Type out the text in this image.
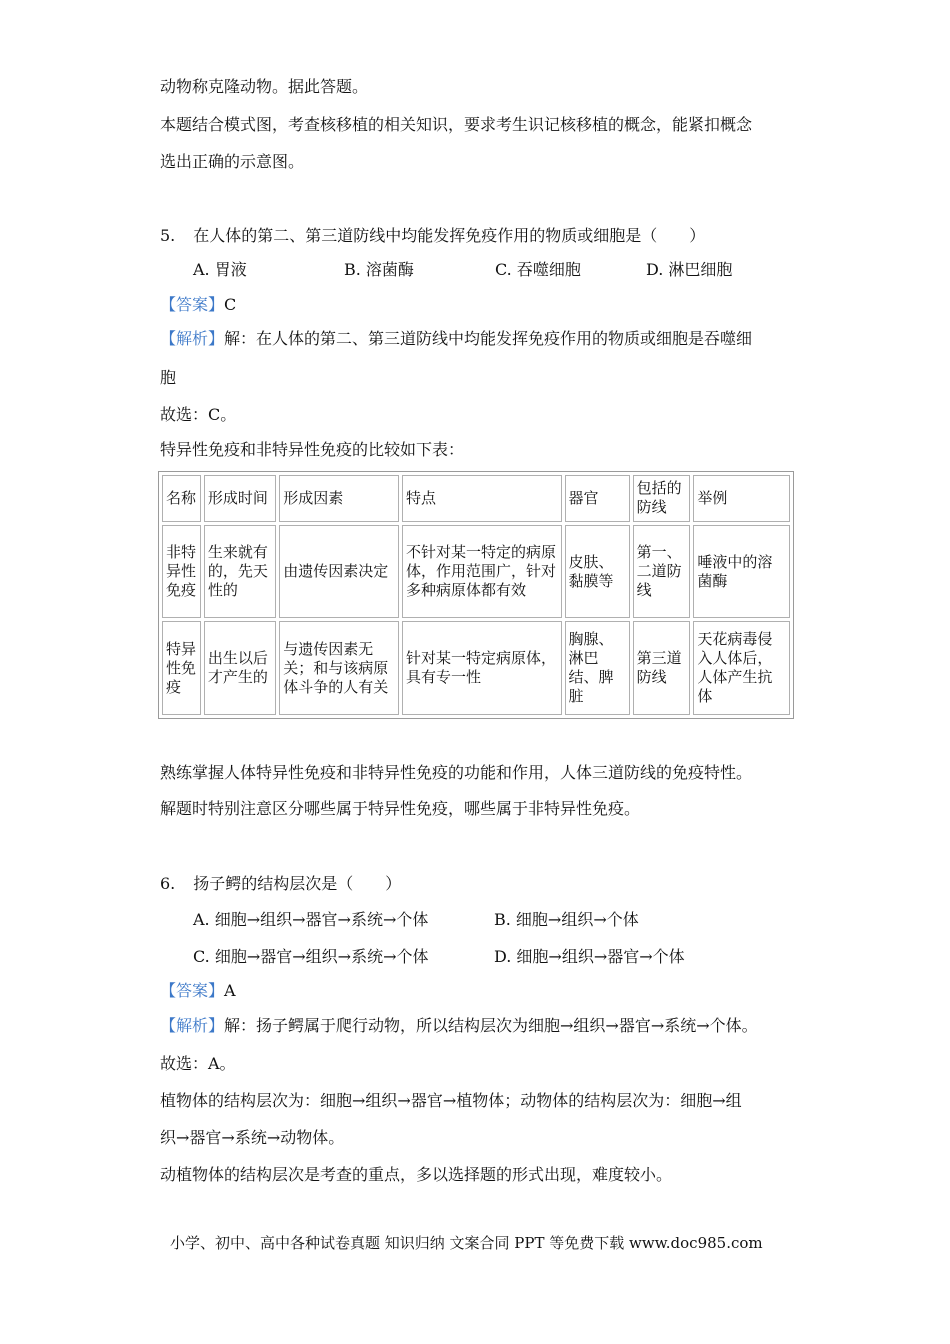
动物称克隆动物。据此答题。
本题结合模式图，考查核移植的相关知识，要求考生识记核移植的概念，能紧扣概念
选出正确的示意图。
5. 在人体的第二、第三道防线中均能发挥免疫作用的物质或细胞是（　　）
A. 胃液	B. 溶菌酶	C. 吞噬细胞	D. 淋巴细胞
【答案】C
【解析】解：在人体的第二、第三道防线中均能发挥免疫作用的物质或细胞是吞噬细
胞
故选：C。
特异性免疫和非特异性免疫的比较如下表：
名称	形成时间	形成因素	特点	器官	包括的防线	举例
非特异性免疫	生来就有的，先天性的	由遗传因素决定	不针对某一特定的病原体，作用范围广，针对多种病原体都有效	皮肤、黏膜等	第一、二道防线	唾液中的溶菌酶
特异性免疫	出生以后才产生的	与遗传因素无关；和与该病原体斗争的人有关	针对某一特定病原体，具有专一性	胸腺、淋巴结、脾脏	第三道防线	天花病毒侵入人体后，人体产生抗体
熟练掌握人体特异性免疫和非特异性免疫的功能和作用，人体三道防线的免疫特性。
解题时特别注意区分哪些属于特异性免疫，哪些属于非特异性免疫。
6. 扬子鳄的结构层次是（　　）
A. 细胞→组织→器官→系统→个体	B. 细胞→组织→个体
C. 细胞→器官→组织→系统→个体	D. 细胞→组织→器官→个体
【答案】A
【解析】解：扬子鳄属于爬行动物，所以结构层次为细胞→组织→器官→系统→个体。
故选：A。
植物体的结构层次为：细胞→组织→器官→植物体；动物体的结构层次为：细胞→组
织→器官→系统→动物体。
动植物体的结构层次是考查的重点，多以选择题的形式出现，难度较小。
小学、初中、高中各种试卷真题 知识归纳 文案合同 PPT 等免费下载 www.doc985.com
